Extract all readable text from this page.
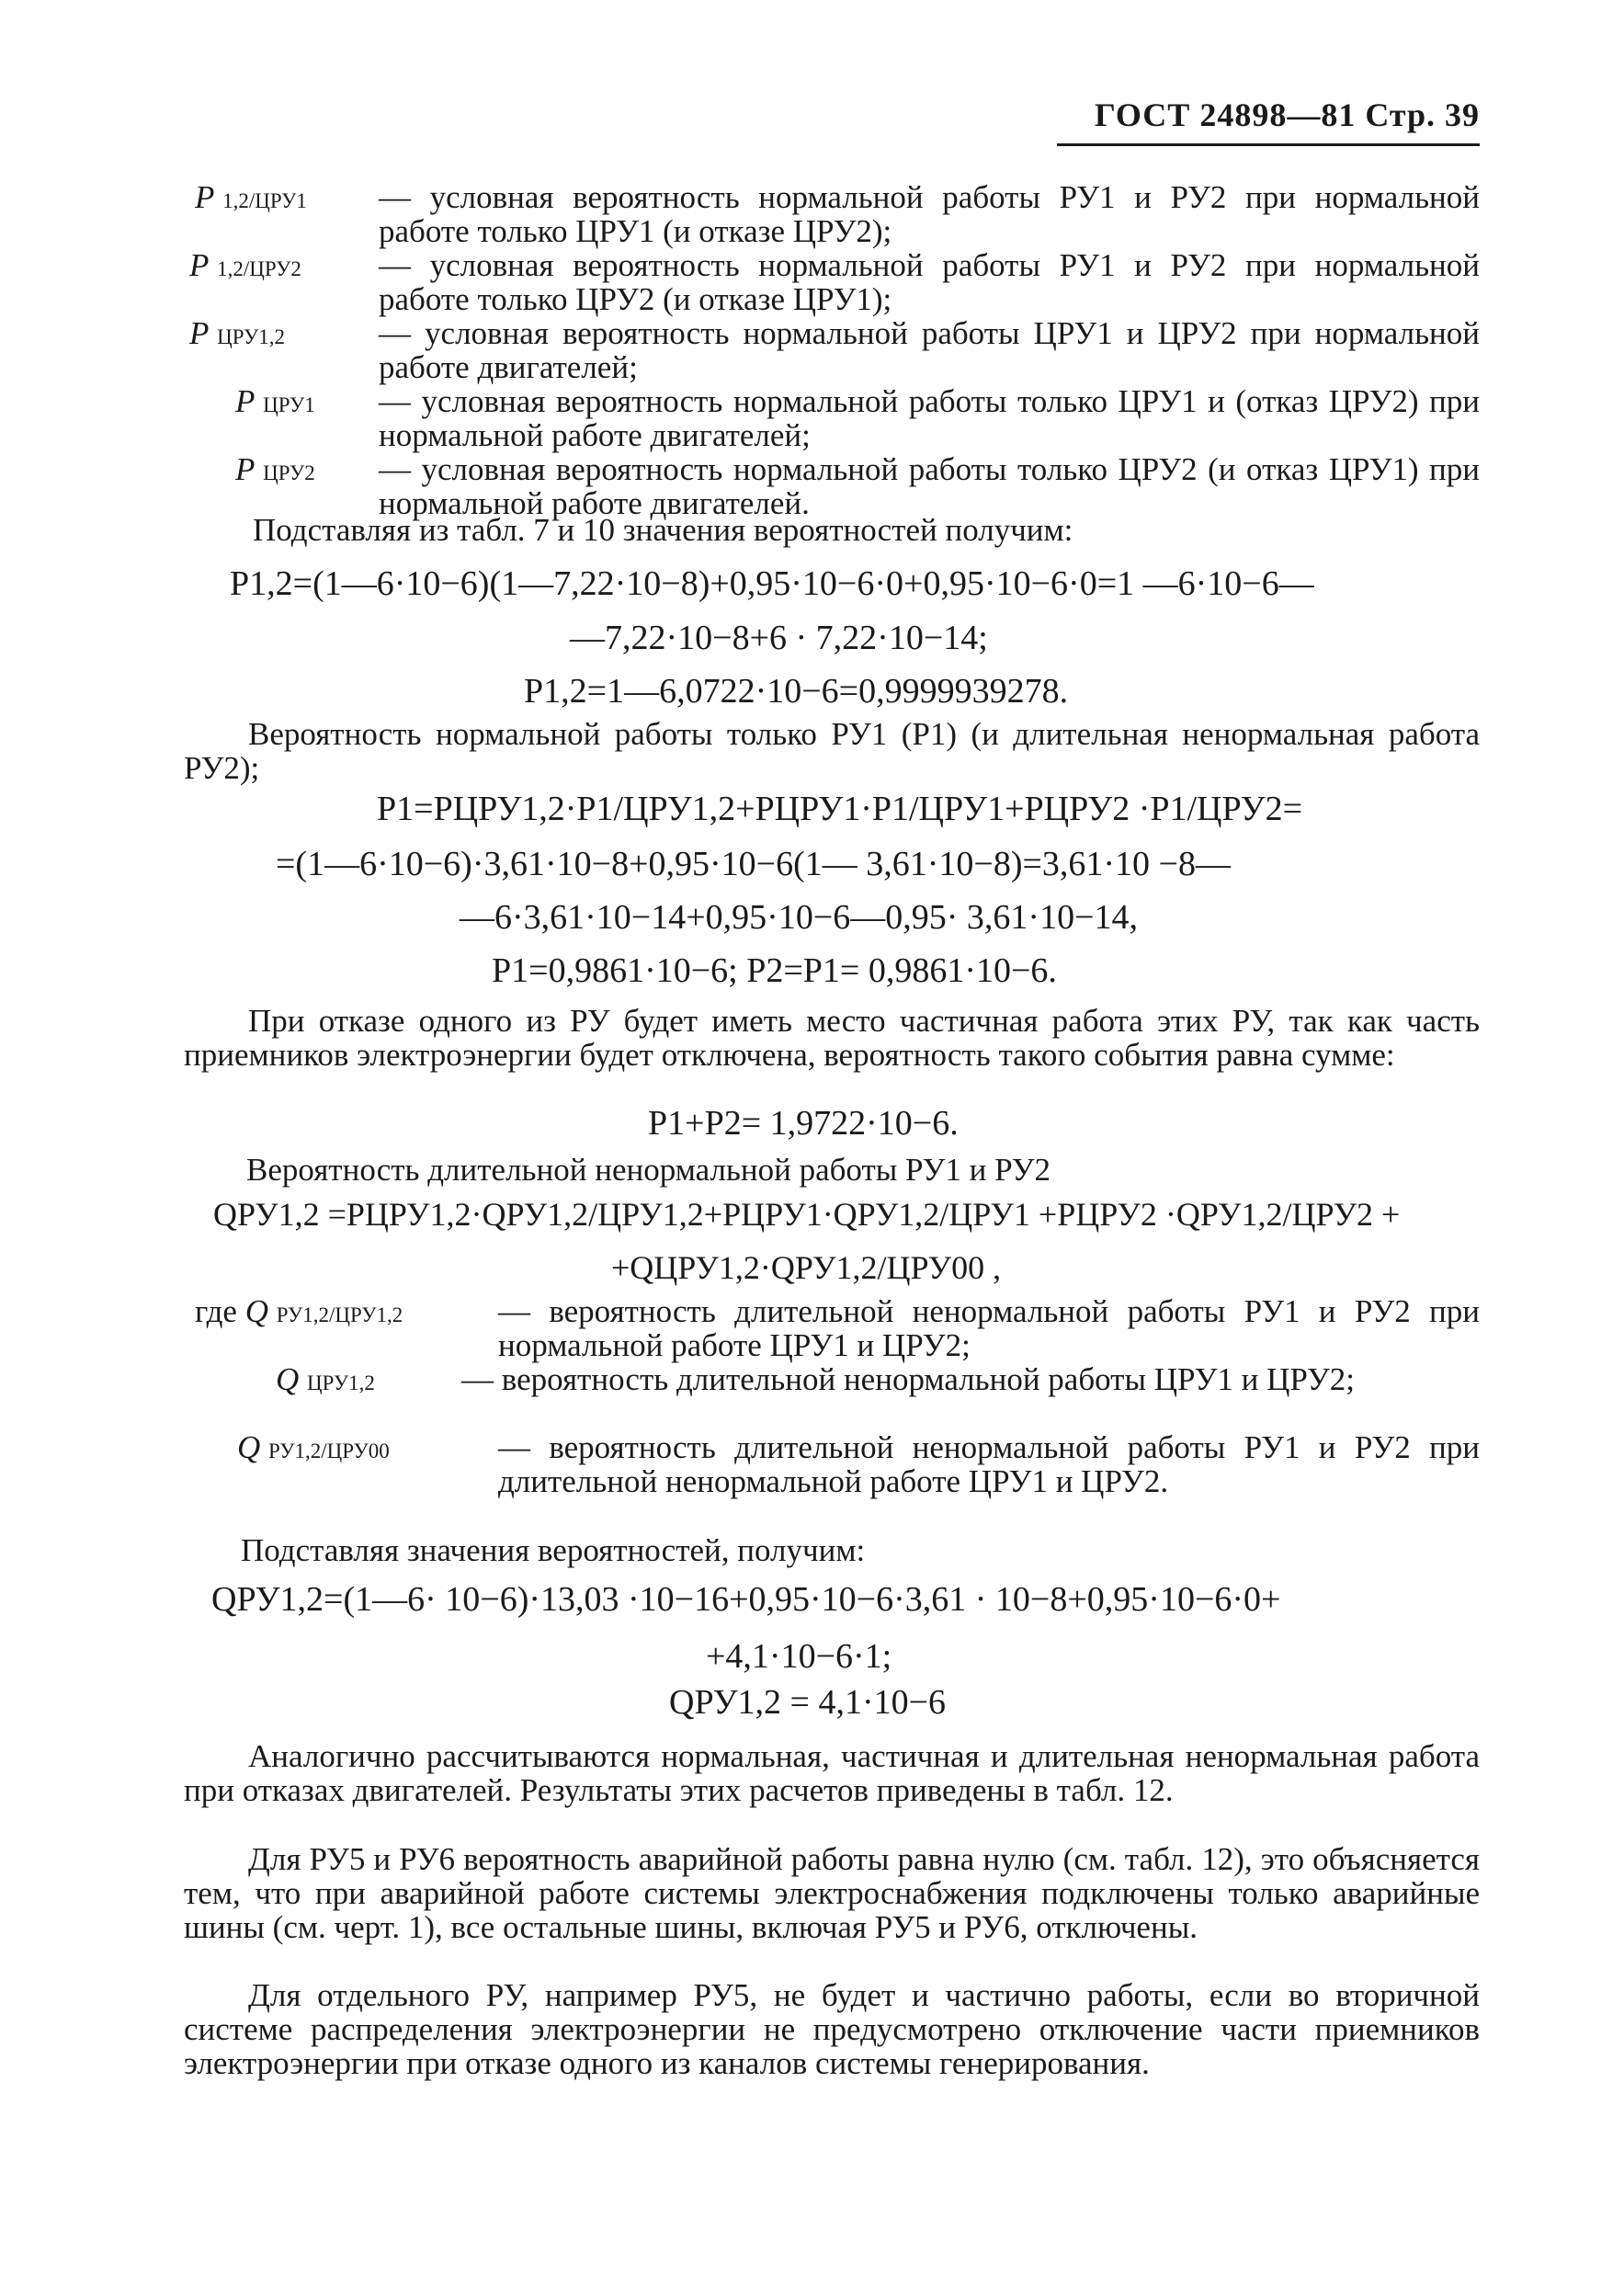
ГОСТ 24898—81 Стр. 39
P 1,2/ЦРУ1 — условная вероятность нормальной работы РУ1 и РУ2 при нормальной работе только ЦРУ1 (и отказе ЦРУ2);
P 1,2/ЦРУ2 — условная вероятность нормальной работы РУ1 и РУ2 при нормальной работе только ЦРУ2 (и отказе ЦРУ1);
P ЦРУ1,2	— условная вероятность нормальной работы ЦРУ1 и ЦРУ2 при нормальной работе двигателей;
P ЦРУ1 — условная вероятность нормальной работы только ЦРУ1 и (отказ ЦРУ2) при нормальной работе двигателей;
P ЦРУ2 — условная вероятность нормальной работы только ЦРУ2 (и отказ ЦРУ1) при нормальной работе двигателей.
Подставляя из табл. 7 и 10 значения вероятностей получим:
P1,2=(1—6·10−6)(1—7,22·10−8)+0,95·10−6·0+0,95·10−6·0=1 —6·10−6—
—7,22·10−8+6 · 7,22·10−14;
P1,2=1—6,0722·10−6=0,9999939278.
Вероятность нормальной работы только РУ1 (P1) (и длительная ненормальная работа РУ2);
P1=PЦРУ1,2·P1/ЦРУ1,2+PЦРУ1·P1/ЦРУ1+PЦРУ2 ·P1/ЦРУ2=
=(1—6·10−6)·3,61·10−8+0,95·10−6(1— 3,61·10−8)=3,61·10 −8—
—6·3,61·10−14+0,95·10−6—0,95· 3,61·10−14,
P1=0,9861·10−6; P2=P1= 0,9861·10−6.
При отказе одного из РУ будет иметь место частичная работа этих РУ, так как часть приемников электроэнергии будет отключена, вероятность такого события равна сумме:
P1+P2= 1,9722·10−6.
Вероятность длительной ненормальной работы РУ1 и РУ2
QРУ1,2 =PЦРУ1,2·QРУ1,2/ЦРУ1,2+PЦРУ1·QРУ1,2/ЦРУ1 +PЦРУ2 ·QРУ1,2/ЦРУ2 +
+QЦРУ1,2·QРУ1,2/ЦРУ00 ,
где Q РУ1,2/ЦРУ1,2	— вероятность длительной ненормальной работы РУ1 и РУ2 при нормальной работе ЦРУ1 и ЦРУ2;
Q ЦРУ1,2	— вероятность длительной ненормальной работы ЦРУ1 и ЦРУ2;
Q РУ1,2/ЦРУ00	— вероятность длительной ненормальной работы РУ1 и РУ2 при длительной ненормальной работе ЦРУ1 и ЦРУ2.
Подставляя значения вероятностей, получим:
QРУ1,2=(1—6· 10−6)·13,03 ·10−16+0,95·10−6·3,61 · 10−8+0,95·10−6·0+
+4,1·10−6·1;
QРУ1,2 = 4,1·10−6
Аналогично рассчитываются нормальная, частичная и длительная ненормальная работа при отказах двигателей. Результаты этих расчетов приведены в табл. 12.
Для РУ5 и РУ6 вероятность аварийной работы равна нулю (см. табл. 12), это объясняется тем, что при аварийной работе системы электроснабжения подключены только аварийные шины (см. черт. 1), все остальные шины, включая РУ5 и РУ6, отключены.
Для отдельного РУ, например РУ5, не будет и частично работы, если во вторичной системе распределения электроэнергии не предусмотрено отключение части приемников электроэнергии при отказе одного из каналов системы генерирования.
